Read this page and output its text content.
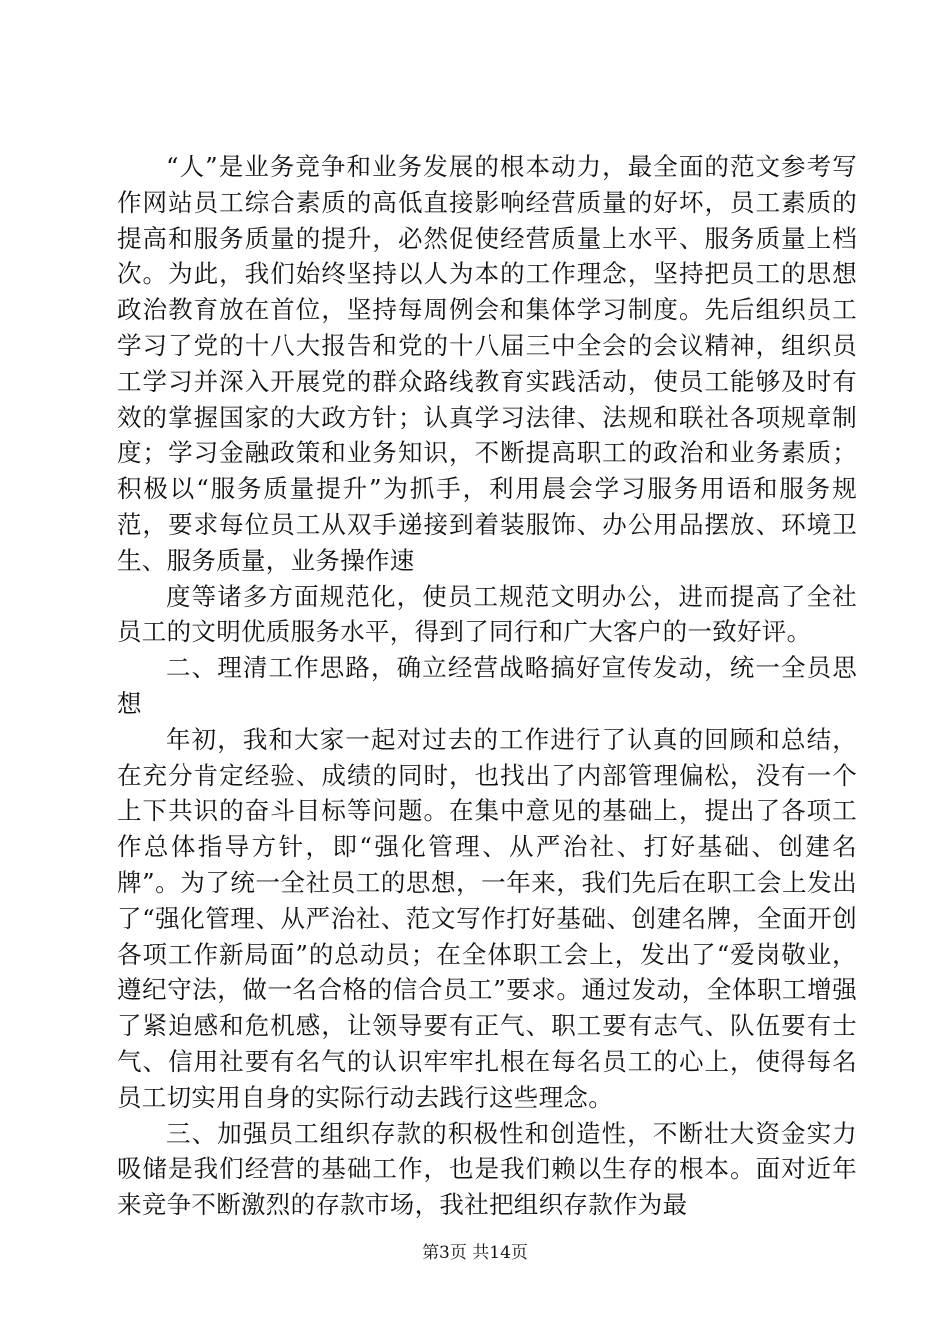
“人”是业务竞争和业务发展的根本动力，最全面的范文参考写作网站员工综合素质的高低直接影响经营质量的好坏，员工素质的提高和服务质量的提升，必然促使经营质量上水平、服务质量上档次。为此，我们始终坚持以人为本的工作理念，坚持把员工的思想政治教育放在首位，坚持每周例会和集体学习制度。先后组织员工学习了党的十八大报告和党的十八届三中全会的会议精神，组织员工学习并深入开展党的群众路线教育实践活动，使员工能够及时有效的掌握国家的大政方针；认真学习法律、法规和联社各项规章制度；学习金融政策和业务知识，不断提高职工的政治和业务素质；积极以“服务质量提升”为抓手，利用晨会学习服务用语和服务规范，要求每位员工从双手递接到着装服饰、办公用品摆放、环境卫生、服务质量，业务操作速

度等诸多方面规范化，使员工规范文明办公，进而提高了全社员工的文明优质服务水平，得到了同行和广大客户的一致好评。

二、理清工作思路，确立经营战略搞好宣传发动，统一全员思想

年初，我和大家一起对过去的工作进行了认真的回顾和总结，在充分肯定经验、成绩的同时，也找出了内部管理偏松，没有一个上下共识的奋斗目标等问题。在集中意见的基础上，提出了各项工作总体指导方针，即“强化管理、从严治社、打好基础、创建名牌”。为了统一全社员工的思想，一年来，我们先后在职工会上发出了“强化管理、从严治社、范文写作打好基础、创建名牌，全面开创各项工作新局面”的总动员；在全体职工会上，发出了“爱岗敬业，遵纪守法，做一名合格的信合员工”要求。通过发动，全体职工增强了紧迫感和危机感，让领导要有正气、职工要有志气、队伍要有士气、信用社要有名气的认识牢牢扎根在每名员工的心上，使得每名员工切实用自身的实际行动去践行这些理念。

三、加强员工组织存款的积极性和创造性，不断壮大资金实力吸储是我们经营的基础工作，也是我们赖以生存的根本。面对近年来竞争不断激烈的存款市场，我社把组织存款作为最

第3页 共14页
